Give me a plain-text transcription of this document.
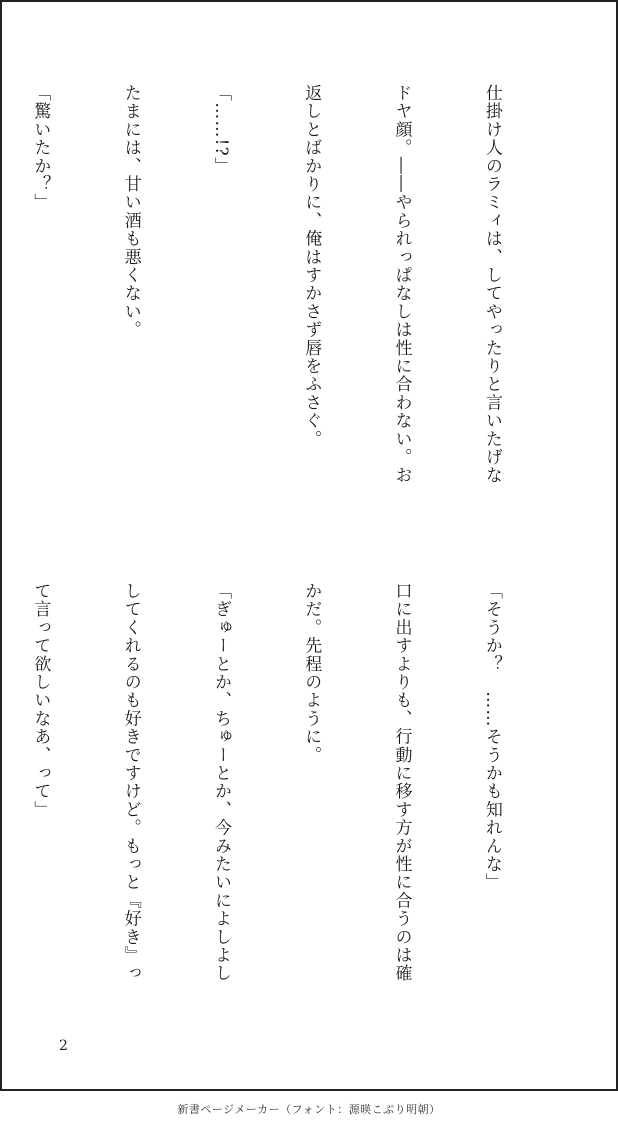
仕掛け人のラミィは、してやったりと言いたげな

ドヤ顔。――やられっぱなしは性に合わない。お

返しとばかりに、俺はすかさず唇をふさぐ。

「……!?」

たまには、甘い酒も悪くない。

「驚いたか？」

「そうか？　……そうかも知れんな」

口に出すよりも、行動に移す方が性に合うのは確

かだ。先程のように。

「ぎゅーとか、ちゅーとか、今みたいによしよし

してくれるのも好きですけど。もっと『好き』っ

て言って欲しいなあ、って」

2
新書ページメーカー（フォント：源暎こぶり明朝）
